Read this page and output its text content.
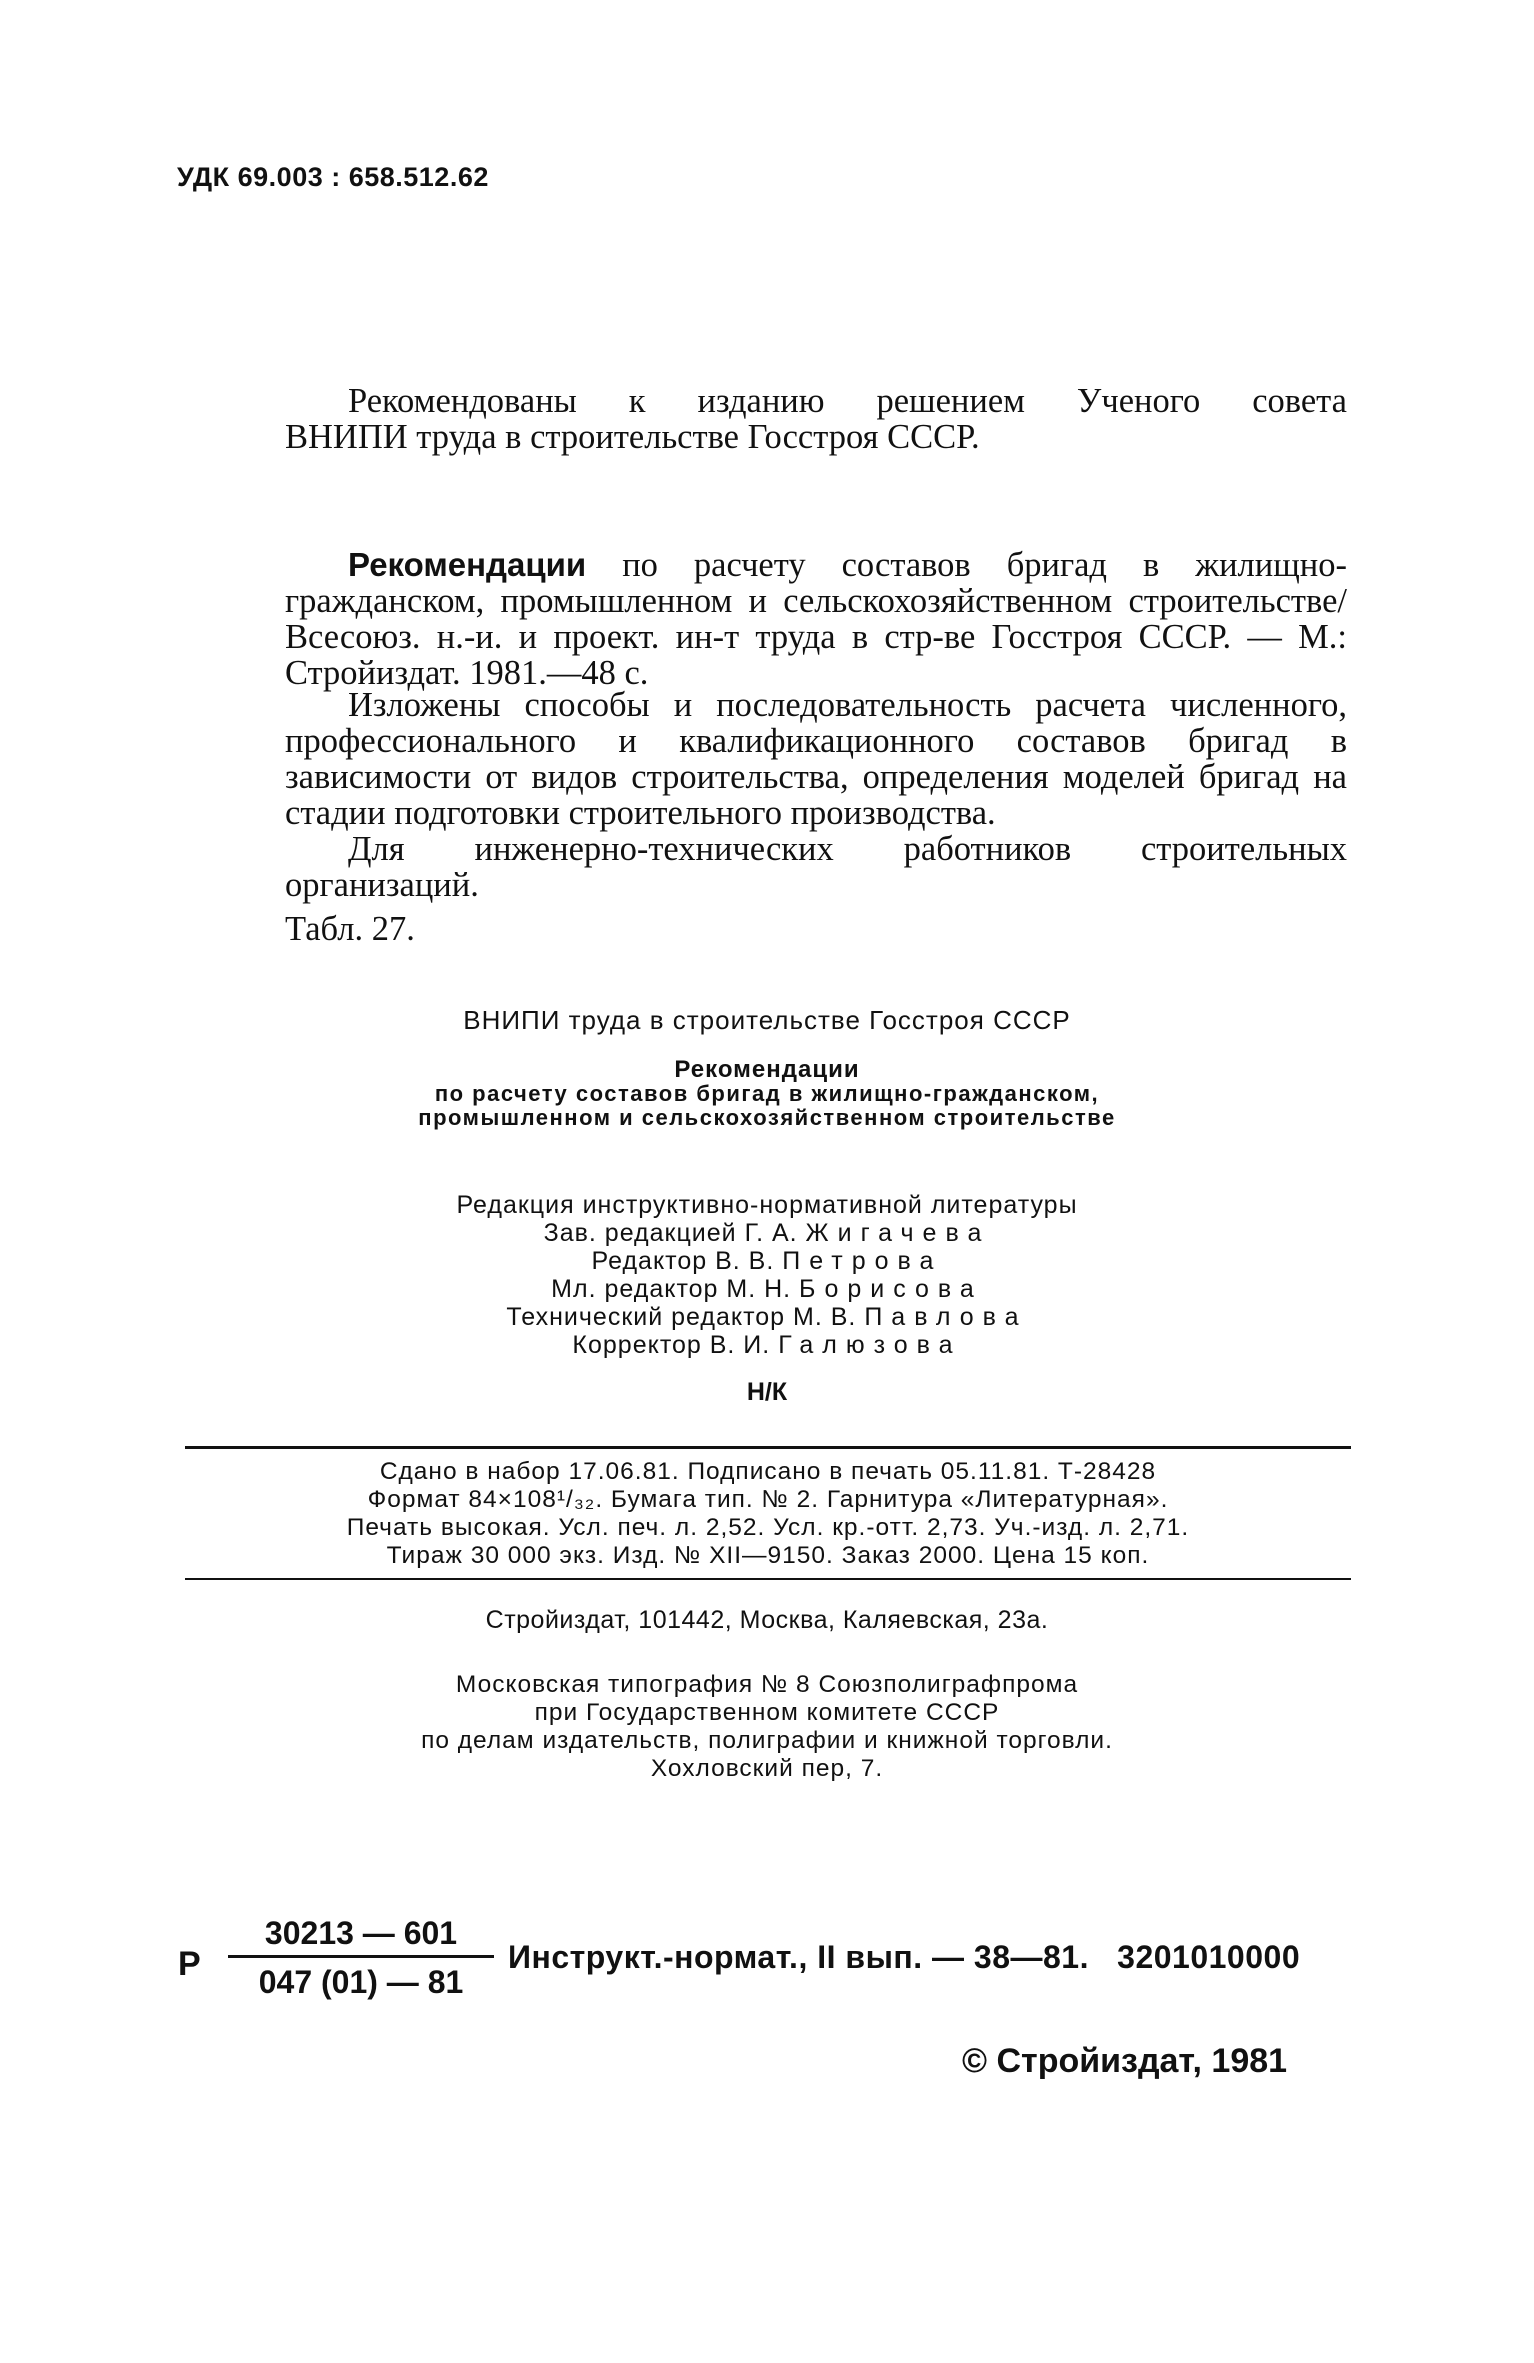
УДК 69.003 : 658.512.62

Рекомендованы к изданию решением Ученого совета

ВНИПИ труда в строительстве Госстроя СССР.

Рекомендации по расчету составов бригад в жилищно-гражданском, промышленном и сельскохозяйственном строительстве/Всесоюз. н.-и. и проект. ин-т труда в стр-ве Госстроя СССР. — М.: Стройиздат. 1981.—48 с.

Изложены способы и последовательность расчета численного, профессионального и квалификационного составов бригад в зависимости от видов строительства, определения моделей бригад на стадии подготовки строительного производства.

Для инженерно-технических работников строительных организаций.

Табл. 27.

ВНИПИ труда в строительстве Госстроя СССР
Рекомендации
по расчету составов бригад в жилищно-гражданском,
промышленном и сельскохозяйственном строительстве
Редакция инструктивно-нормативной литературы
Зав. редакцией Г. А. Жигачева
Редактор В. В. Петрова
Мл. редактор М. Н. Борисова
Технический редактор М. В. Павлова
Корректор В. И. Галюзова
Н/К
Сдано в набор 17.06.81. Подписано в печать 05.11.81. Т-28428
Формат 84×108¹/₃₂. Бумага тип. № 2. Гарнитура «Литературная».
Печать высокая. Усл. печ. л. 2,52. Усл. кр.-отт. 2,73. Уч.-изд. л. 2,71.
Тираж 30 000 экз. Изд. № XII—9150. Заказ 2000. Цена 15 коп.
Стройиздат, 101442, Москва, Каляевская, 23а.
Московская типография № 8 Союзполиграфпрома
при Государственном комитете СССР
по делам издательств, полиграфии и книжной торговли.
Хохловский пер, 7.
Р
30213 — 601
047 (01) — 81
Инструкт.-нормат., II вып. — 38—81.   3201010000
© Стройиздат, 1981
